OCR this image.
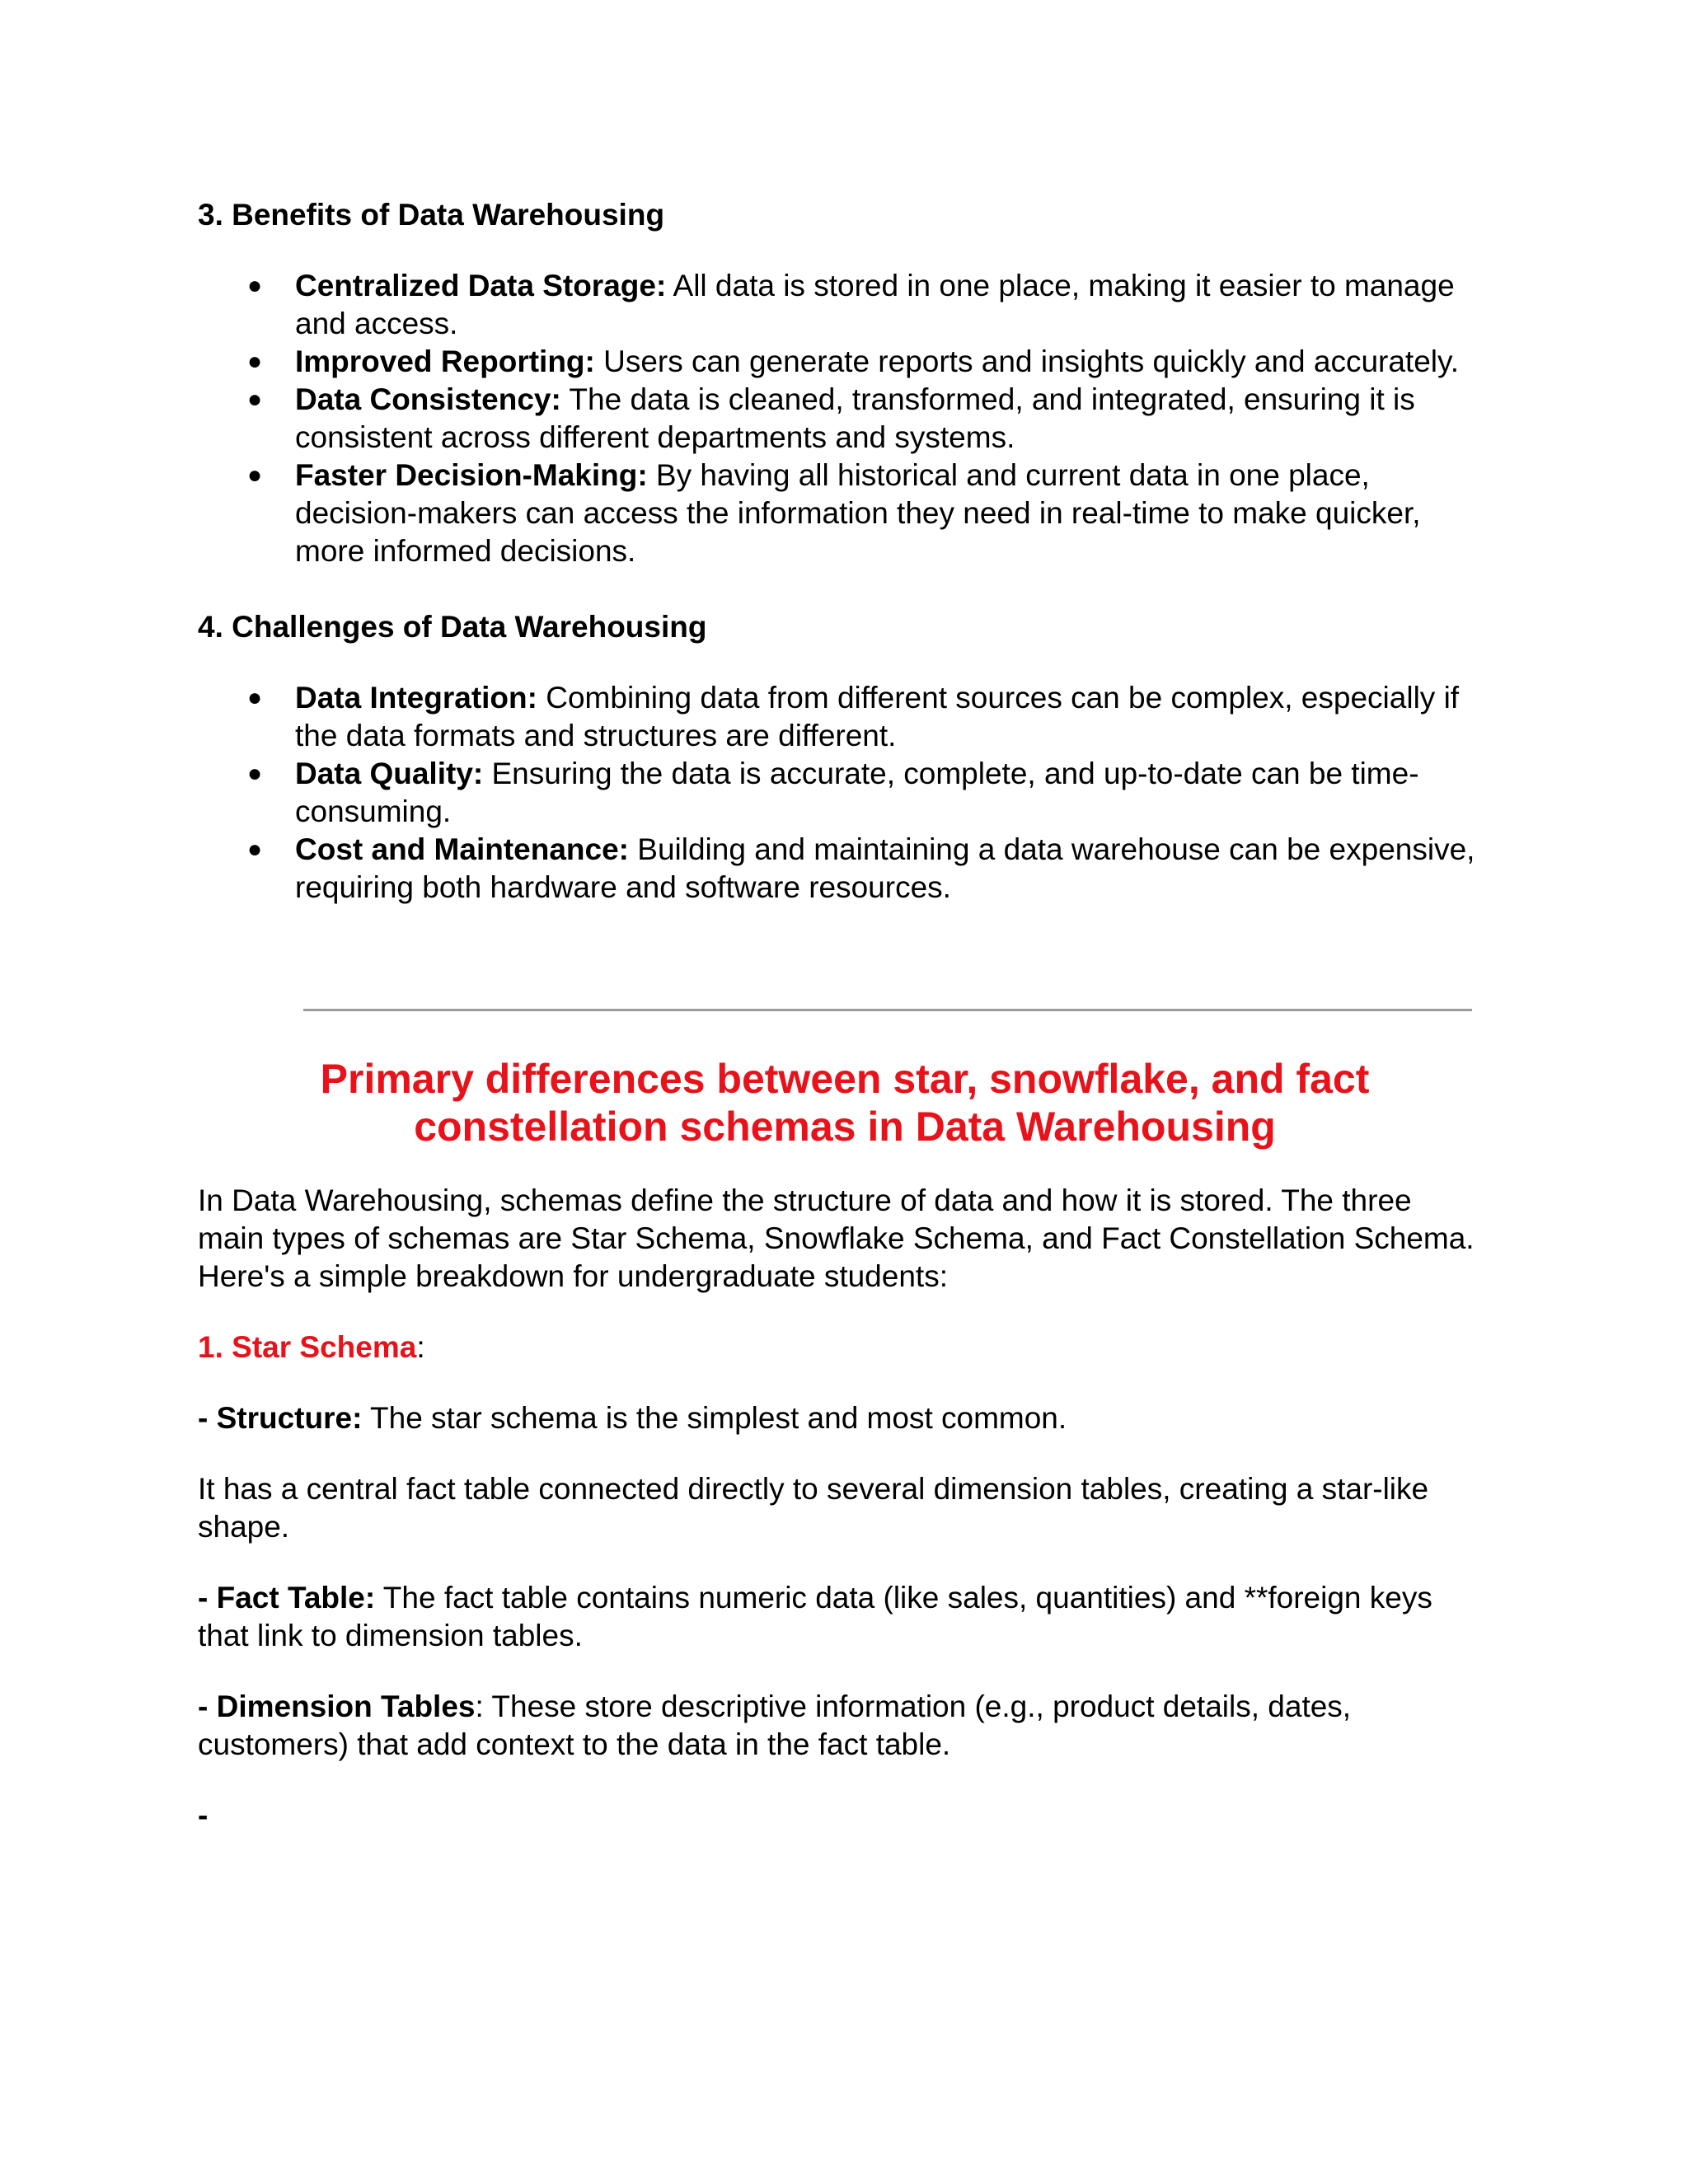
3. Benefits of Data Warehousing

●	Centralized Data Storage: All data is stored in one place, making it easier to manage and access.
●	Improved Reporting: Users can generate reports and insights quickly and accurately.
●	Data Consistency: The data is cleaned, transformed, and integrated, ensuring it is consistent across different departments and systems.
●	Faster Decision-Making: By having all historical and current data in one place, decision-makers can access the information they need in real-time to make quicker, more informed decisions.

4. Challenges of Data Warehousing

●	Data Integration: Combining data from different sources can be complex, especially if the data formats and structures are different.
●	Data Quality: Ensuring the data is accurate, complete, and up-to-date can be time-consuming.
●	Cost and Maintenance: Building and maintaining a data warehouse can be expensive, requiring both hardware and software resources.
Primary differences between star, snowflake, and fact
constellation schemas in Data Warehousing

In Data Warehousing, schemas define the structure of data and how it is stored. The three main types of schemas are Star Schema, Snowflake Schema, and Fact Constellation Schema. Here's a simple breakdown for undergraduate students:

1. Star Schema:

- Structure: The star schema is the simplest and most common.

It has a central fact table connected directly to several dimension tables, creating a star-like shape.

- Fact Table: The fact table contains numeric data (like sales, quantities) and **foreign keys that link to dimension tables.

- Dimension Tables: These store descriptive information (e.g., product details, dates, customers) that add context to the data in the fact table.

-
